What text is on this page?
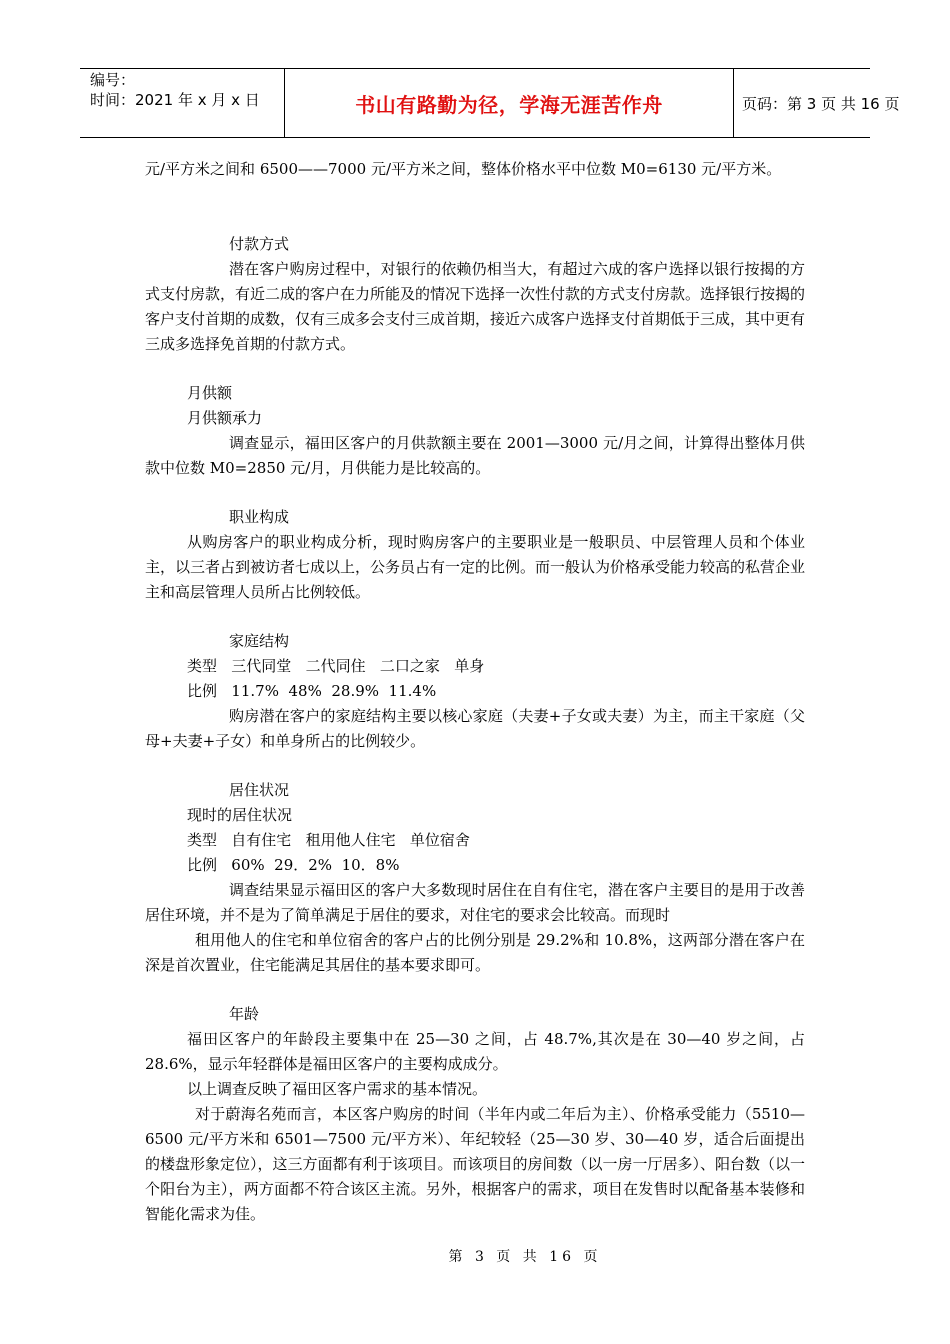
编号：
时间：2021 年 x 月 x 日	书山有路勤为径，学海无涯苦作舟	页码：第 3 页 共 16 页
元/平方米之间和 6500——7000 元/平方米之间，整体价格水平中位数 M0=6130 元/平方米。
付款方式
潜在客户购房过程中，对银行的依赖仍相当大，有超过六成的客户选择以银行按揭的方式支付房款，有近二成的客户在力所能及的情况下选择一次性付款的方式支付房款。选择银行按揭的客户支付首期的成数，仅有三成多会支付三成首期，接近六成客户选择支付首期低于三成，其中更有三成多选择免首期的付款方式。
月供额
月供额承力
调查显示，福田区客户的月供款额主要在 2001—3000 元/月之间，计算得出整体月供款中位数 M0=2850 元/月，月供能力是比较高的。
职业构成
从购房客户的职业构成分析，现时购房客户的主要职业是一般职员、中层管理人员和个体业主，以三者占到被访者七成以上，公务员占有一定的比例。而一般认为价格承受能力较高的私营企业主和高层管理人员所占比例较低。
家庭结构
类型   三代同堂   二代同住   二口之家   单身
比例   11.7%  48%  28.9%  11.4%
购房潜在客户的家庭结构主要以核心家庭（夫妻+子女或夫妻）为主，而主干家庭（父母+夫妻+子女）和单身所占的比例较少。
居住状况
现时的居住状况
类型   自有住宅   租用他人住宅   单位宿舍
比例   60%  29．2%  10．8%
调查结果显示福田区的客户大多数现时居住在自有住宅，潜在客户主要目的是用于改善居住环境，并不是为了简单满足于居住的要求，对住宅的要求会比较高。而现时
租用他人的住宅和单位宿舍的客户占的比例分别是 29.2%和 10.8%，这两部分潜在客户在深是首次置业，住宅能满足其居住的基本要求即可。
年龄
福田区客户的年龄段主要集中在 25—30 之间，占 48.7%,其次是在 30—40 岁之间，占 28.6%，显示年轻群体是福田区客户的主要构成成分。
以上调查反映了福田区客户需求的基本情况。
对于蔚海名苑而言，本区客户购房的时间（半年内或二年后为主）、价格承受能力（5510—6500 元/平方米和 6501—7500 元/平方米）、年纪较轻（25—30 岁、30—40 岁，适合后面提出的楼盘形象定位），这三方面都有利于该项目。而该项目的房间数（以一房一厅居多）、阳台数（以一个阳台为主），两方面都不符合该区主流。另外，根据客户的需求，项目在发售时以配备基本装修和智能化需求为佳。
第 3 页 共 16 页
